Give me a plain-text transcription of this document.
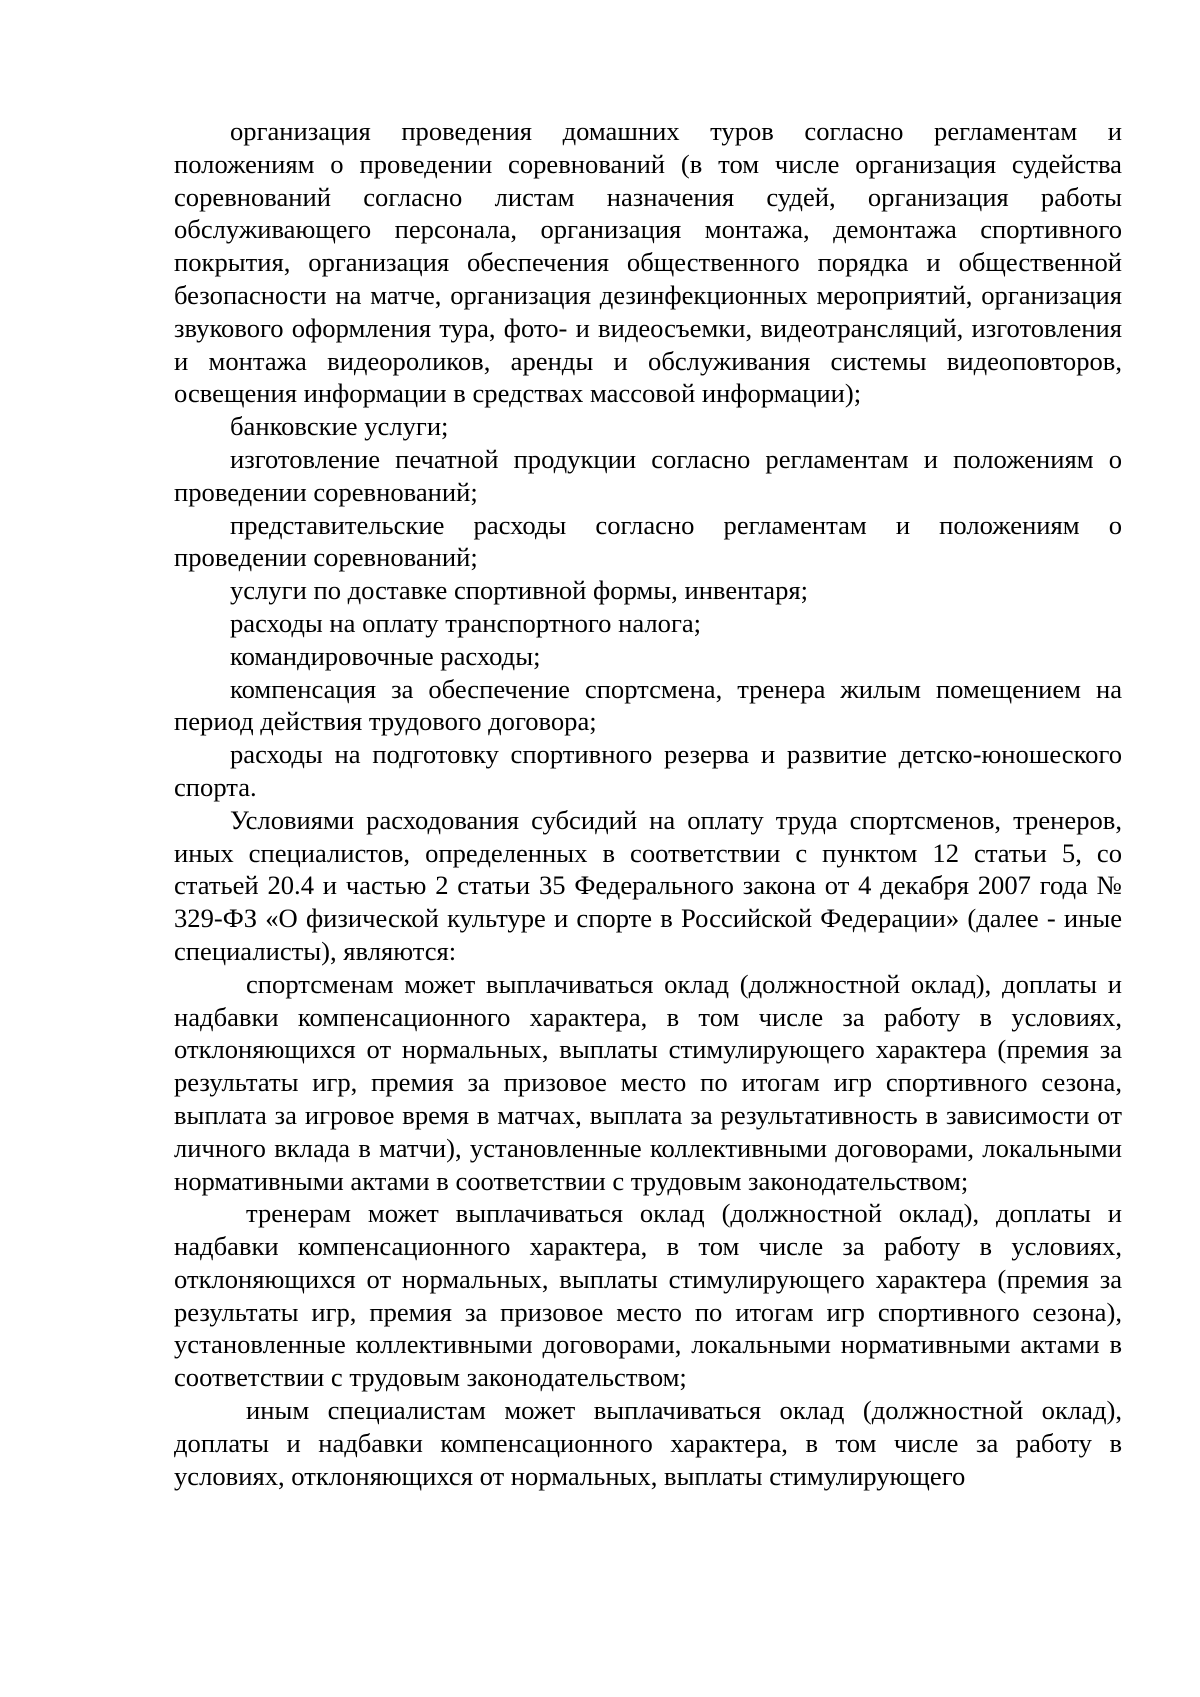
организация проведения домашних туров согласно регламентам и положениям о проведении соревнований (в том числе организация судейства соревнований согласно листам назначения судей, организация работы обслуживающего персонала, организация монтажа, демонтажа спортивного покрытия, организация обеспечения общественного порядка и общественной безопасности на матче, организация дезинфекционных мероприятий, организация звукового оформления тура, фото- и видеосъемки, видеотрансляций, изготовления и монтажа видеороликов, аренды и обслуживания системы видеоповторов, освещения информации в средствах массовой информации);

банковские услуги;

изготовление печатной продукции согласно регламентам и положениям о проведении соревнований;

представительские расходы согласно регламентам и положениям о проведении соревнований;

услуги по доставке спортивной формы, инвентаря;

расходы на оплату транспортного налога;

командировочные расходы;

компенсация за обеспечение спортсмена, тренера жилым помещением на период действия трудового договора;

расходы на подготовку спортивного резерва и развитие детско-юношеского спорта.

Условиями расходования субсидий на оплату труда спортсменов, тренеров, иных специалистов, определенных в соответствии с пунктом 12 статьи 5, со статьей 20.4 и частью 2 статьи 35 Федерального закона от 4 декабря 2007 года № 329-ФЗ «О физической культуре и спорте в Российской Федерации» (далее - иные специалисты), являются:

спортсменам может выплачиваться оклад (должностной оклад), доплаты и надбавки компенсационного характера, в том числе за работу в условиях, отклоняющихся от нормальных, выплаты стимулирующего характера (премия за результаты игр, премия за призовое место по итогам игр спортивного сезона, выплата за игровое время в матчах, выплата за результативность в зависимости от личного вклада в матчи), установленные коллективными договорами, локальными нормативными актами в соответствии с трудовым законодательством;

тренерам может выплачиваться оклад (должностной оклад), доплаты и надбавки компенсационного характера, в том числе за работу в условиях, отклоняющихся от нормальных, выплаты стимулирующего характера (премия за результаты игр, премия за призовое место по итогам игр спортивного сезона), установленные коллективными договорами, локальными нормативными актами в соответствии с трудовым законодательством;

иным специалистам может выплачиваться оклад (должностной оклад), доплаты и надбавки компенсационного характера, в том числе за работу в условиях, отклоняющихся от нормальных, выплаты стимулирующего
